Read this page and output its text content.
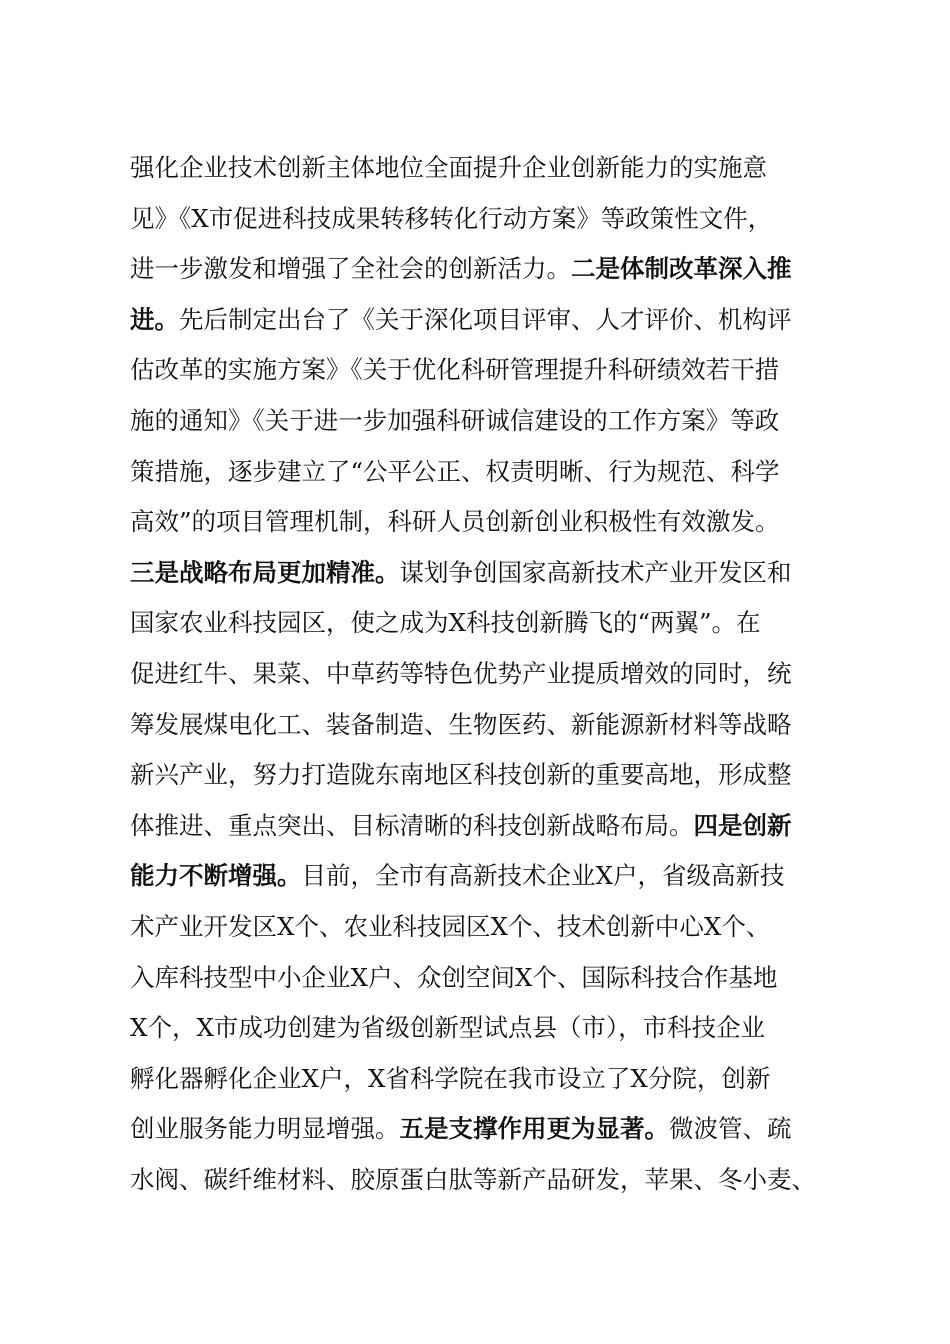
强化企业技术创新主体地位全面提升企业创新能力的实施意
见》《X市促进科技成果转移转化行动方案》等政策性文件，
进一步激发和增强了全社会的创新活力。二是体制改革深入推
进。先后制定出台了《关于深化项目评审、人才评价、机构评
估改革的实施方案》《关于优化科研管理提升科研绩效若干措
施的通知》《关于进一步加强科研诚信建设的工作方案》等政
策措施，逐步建立了“公平公正、权责明晰、行为规范、科学
高效”的项目管理机制，科研人员创新创业积极性有效激发。
三是战略布局更加精准。谋划争创国家高新技术产业开发区和
国家农业科技园区，使之成为X科技创新腾飞的“两翼”。在
促进红牛、果菜、中草药等特色优势产业提质增效的同时，统
筹发展煤电化工、装备制造、生物医药、新能源新材料等战略
新兴产业，努力打造陇东南地区科技创新的重要高地，形成整
体推进、重点突出、目标清晰的科技创新战略布局。四是创新
能力不断增强。目前，全市有高新技术企业X户，省级高新技
术产业开发区X个、农业科技园区X个、技术创新中心X个、
入库科技型中小企业X户、众创空间X个、国际科技合作基地
X个，X市成功创建为省级创新型试点县（市），市科技企业
孵化器孵化企业X户，X省科学院在我市设立了X分院，创新
创业服务能力明显增强。五是支撑作用更为显著。微波管、疏
水阀、碳纤维材料、胶原蛋白肽等新产品研发，苹果、冬小麦、
